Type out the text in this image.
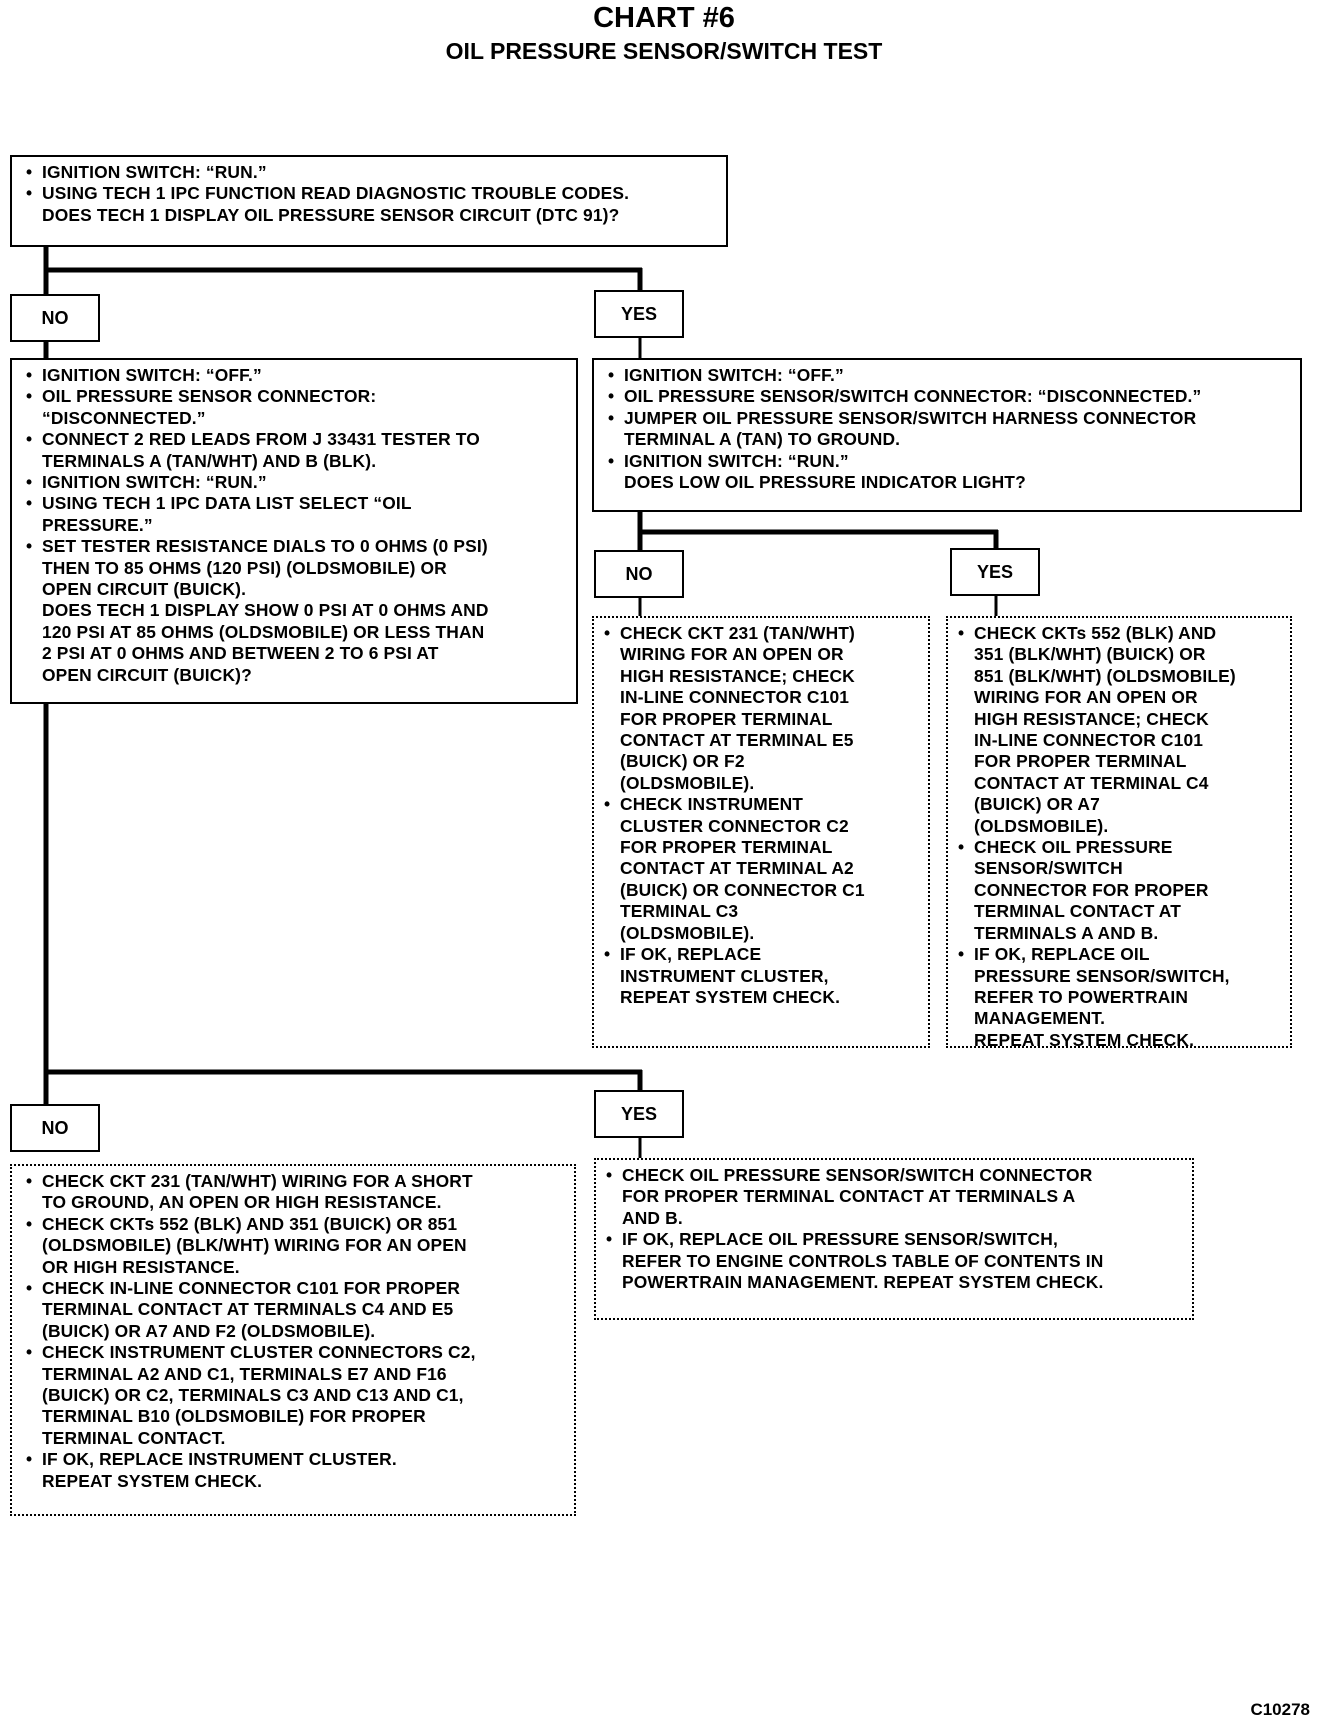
CHART #6
OIL PRESSURE SENSOR/SWITCH TEST
• IGNITION SWITCH: “RUN.”
• USING TECH 1 IPC FUNCTION READ DIAGNOSTIC TROUBLE CODES.
DOES TECH 1 DISPLAY OIL PRESSURE SENSOR CIRCUIT (DTC 91)?
NO	YES
• IGNITION SWITCH: “OFF.”
• OIL PRESSURE SENSOR CONNECTOR:
“DISCONNECTED.”
• CONNECT 2 RED LEADS FROM J 33431 TESTER TO
TERMINALS A (TAN/WHT) AND B (BLK).
• IGNITION SWITCH: “RUN.”
• USING TECH 1 IPC DATA LIST SELECT “OIL
PRESSURE.”
• SET TESTER RESISTANCE DIALS TO 0 OHMS (0 PSI)
THEN TO 85 OHMS (120 PSI) (OLDSMOBILE) OR
OPEN CIRCUIT (BUICK).
DOES TECH 1 DISPLAY SHOW 0 PSI AT 0 OHMS AND
120 PSI AT 85 OHMS (OLDSMOBILE) OR LESS THAN
2 PSI AT 0 OHMS AND BETWEEN 2 TO 6 PSI AT
OPEN CIRCUIT (BUICK)?
• IGNITION SWITCH: “OFF.”
• OIL PRESSURE SENSOR/SWITCH CONNECTOR: “DISCONNECTED.”
• JUMPER OIL PRESSURE SENSOR/SWITCH HARNESS CONNECTOR
TERMINAL A (TAN) TO GROUND.
• IGNITION SWITCH: “RUN.”
DOES LOW OIL PRESSURE INDICATOR LIGHT?
NO	YES
• CHECK CKT 231 (TAN/WHT)
WIRING FOR AN OPEN OR
HIGH RESISTANCE; CHECK
IN-LINE CONNECTOR C101
FOR PROPER TERMINAL
CONTACT AT TERMINAL E5
(BUICK) OR F2
(OLDSMOBILE).
• CHECK INSTRUMENT
CLUSTER CONNECTOR C2
FOR PROPER TERMINAL
CONTACT AT TERMINAL A2
(BUICK) OR CONNECTOR C1
TERMINAL C3
(OLDSMOBILE).
• IF OK, REPLACE
INSTRUMENT CLUSTER,
REPEAT SYSTEM CHECK.
• CHECK CKTs 552 (BLK) AND
351 (BLK/WHT) (BUICK) OR
851 (BLK/WHT) (OLDSMOBILE)
WIRING FOR AN OPEN OR
HIGH RESISTANCE; CHECK
IN-LINE CONNECTOR C101
FOR PROPER TERMINAL
CONTACT AT TERMINAL C4
(BUICK) OR A7
(OLDSMOBILE).
• CHECK OIL PRESSURE
SENSOR/SWITCH
CONNECTOR FOR PROPER
TERMINAL CONTACT AT
TERMINALS A AND B.
• IF OK, REPLACE OIL
PRESSURE SENSOR/SWITCH,
REFER TO POWERTRAIN
MANAGEMENT.
REPEAT SYSTEM CHECK.
NO
YES
• CHECK CKT 231 (TAN/WHT) WIRING FOR A SHORT
TO GROUND, AN OPEN OR HIGH RESISTANCE.
• CHECK CKTs 552 (BLK) AND 351 (BUICK) OR 851
(OLDSMOBILE) (BLK/WHT) WIRING FOR AN OPEN
OR HIGH RESISTANCE.
• CHECK IN-LINE CONNECTOR C101 FOR PROPER
TERMINAL CONTACT AT TERMINALS C4 AND E5
(BUICK) OR A7 AND F2 (OLDSMOBILE).
• CHECK INSTRUMENT CLUSTER CONNECTORS C2,
TERMINAL A2 AND C1, TERMINALS E7 AND F16
(BUICK) OR C2, TERMINALS C3 AND C13 AND C1,
TERMINAL B10 (OLDSMOBILE) FOR PROPER
TERMINAL CONTACT.
• IF OK, REPLACE INSTRUMENT CLUSTER.
REPEAT SYSTEM CHECK.
• CHECK OIL PRESSURE SENSOR/SWITCH CONNECTOR
FOR PROPER TERMINAL CONTACT AT TERMINALS A
AND B.
• IF OK, REPLACE OIL PRESSURE SENSOR/SWITCH,
REFER TO ENGINE CONTROLS TABLE OF CONTENTS IN
POWERTRAIN MANAGEMENT. REPEAT SYSTEM CHECK.
C10278
